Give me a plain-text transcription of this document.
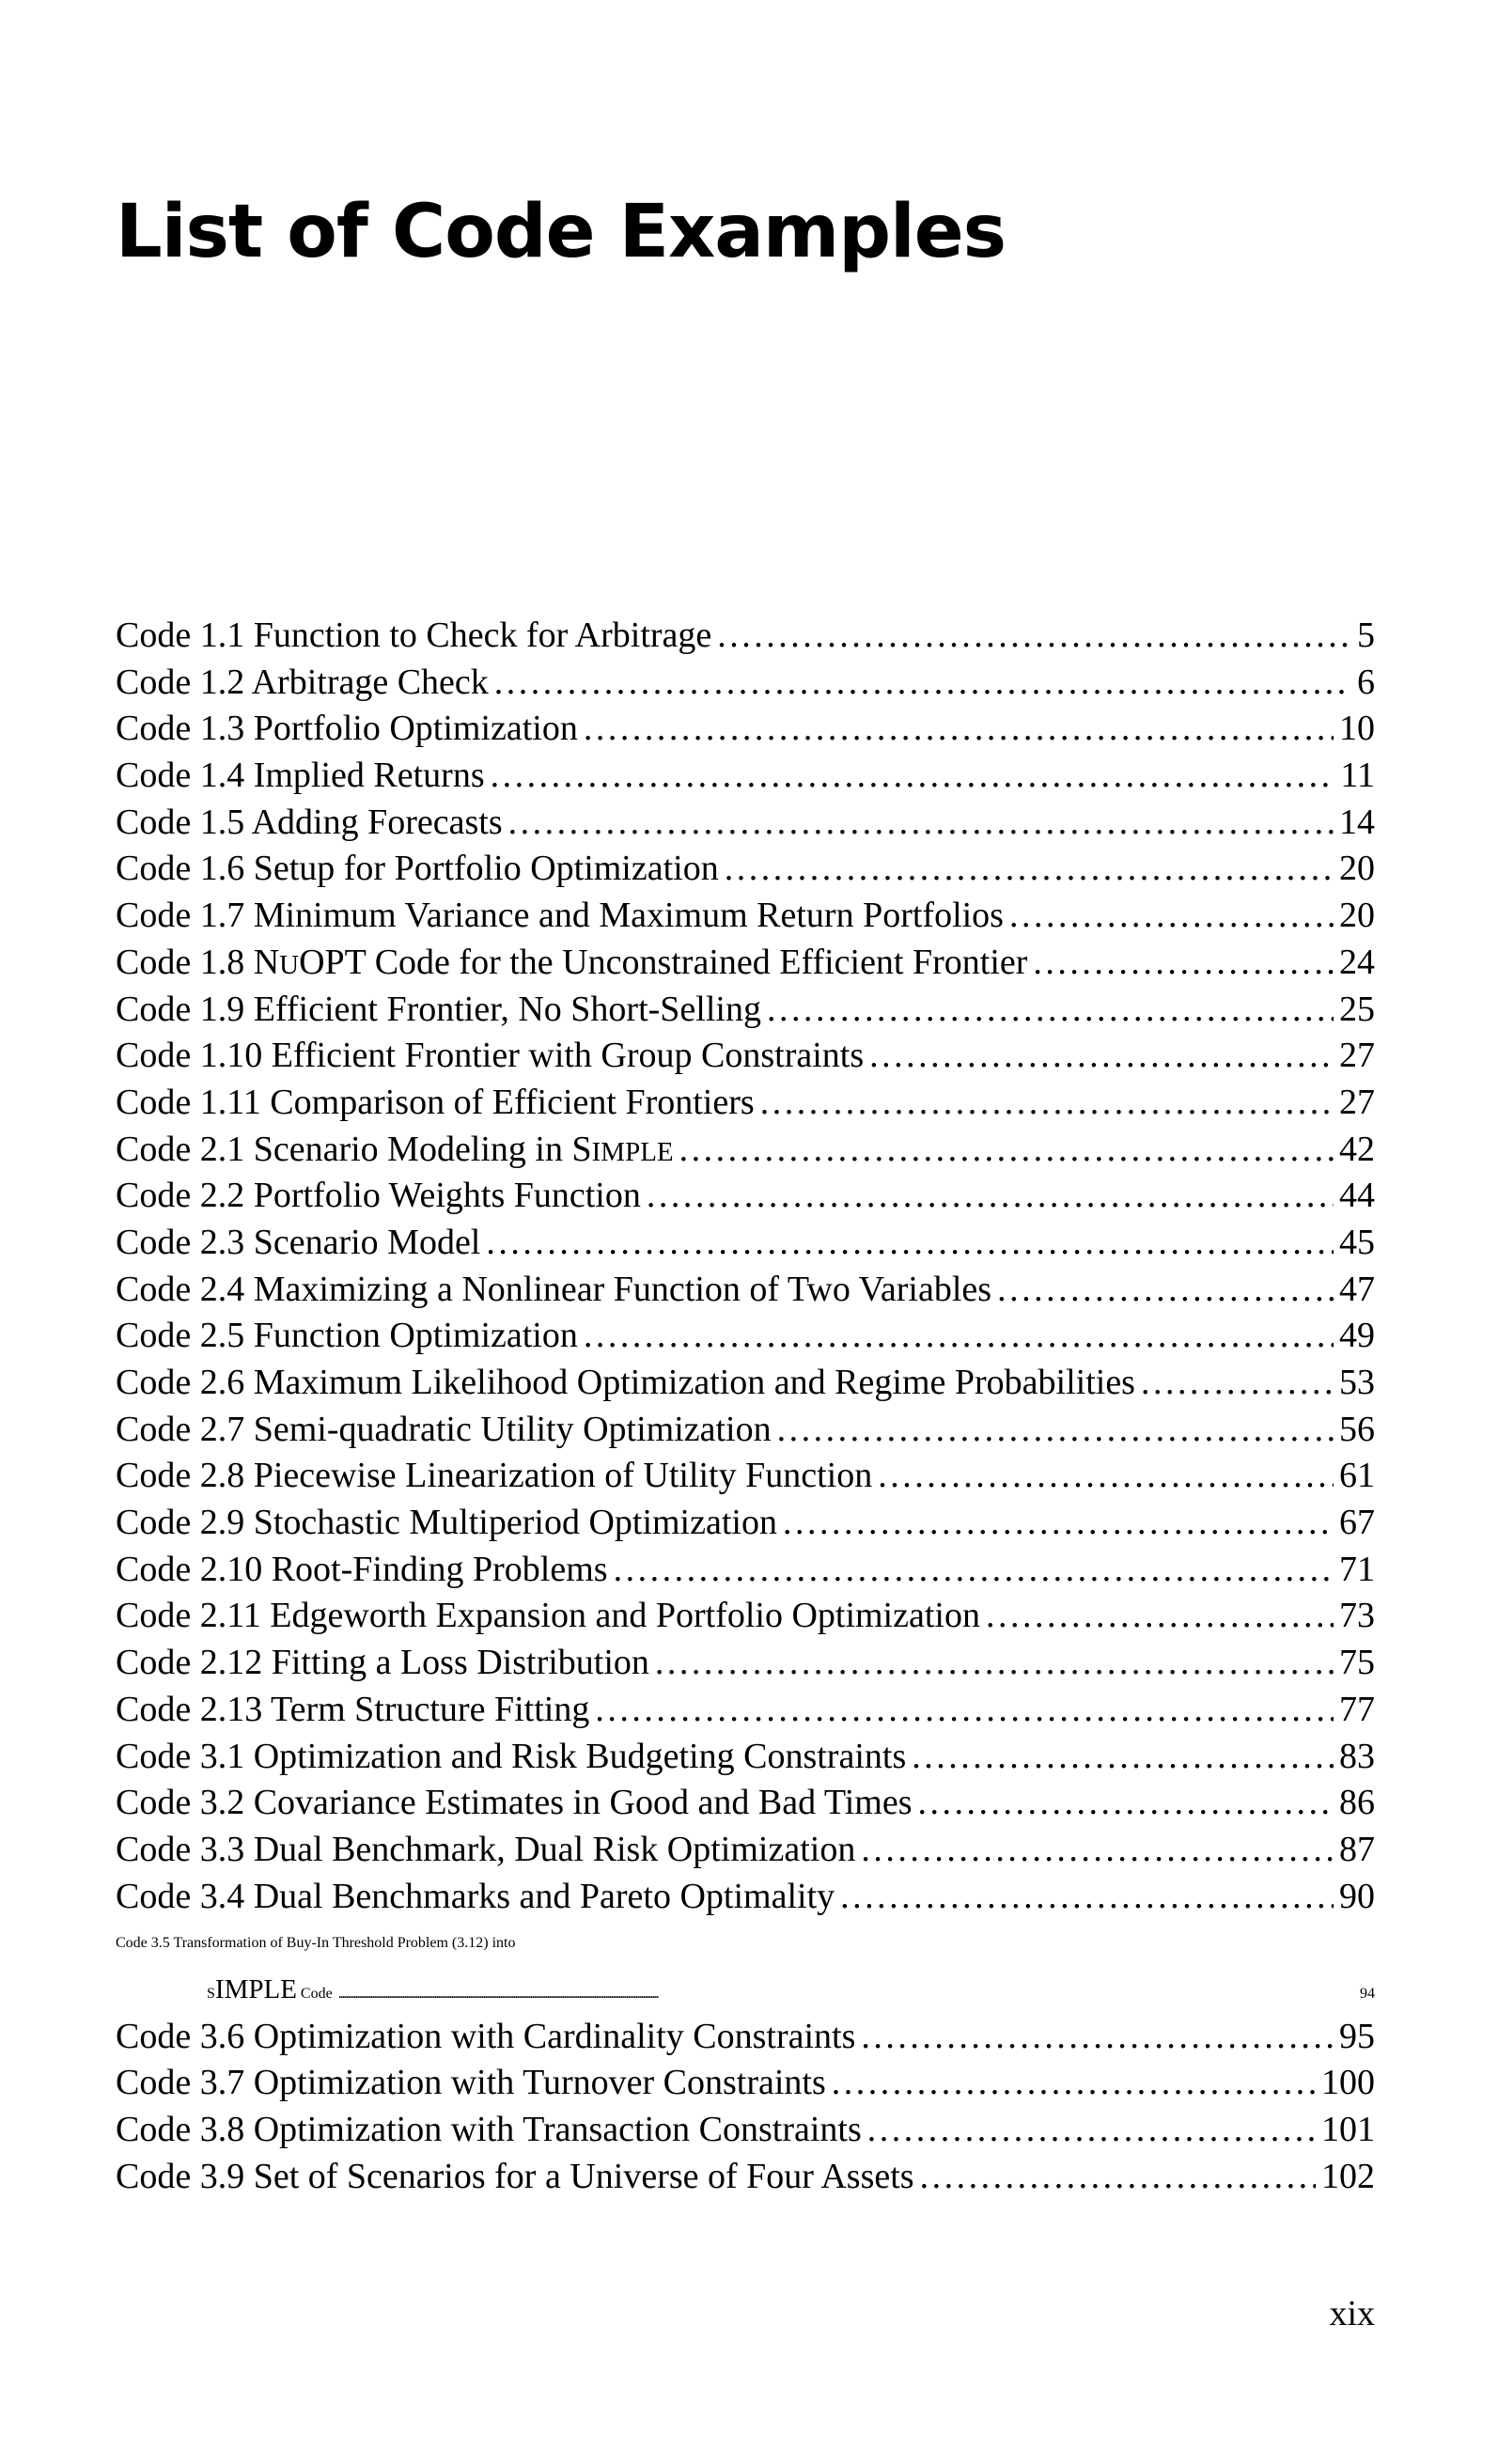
List of Code Examples
Code 1.1 Function to Check for Arbitrage . . .	5
Code 1.2 Arbitrage Check . . .	6
Code 1.3 Portfolio Optimization . . .	10
Code 1.4 Implied Returns . . .	11
Code 1.5 Adding Forecasts . . .	14
Code 1.6 Setup for Portfolio Optimization . . .	20
Code 1.7 Minimum Variance and Maximum Return Portfolios . . .	20
Code 1.8 NUOPT Code for the Unconstrained Efficient Frontier . . .	24
Code 1.9 Efficient Frontier, No Short-Selling . . .	25
Code 1.10 Efficient Frontier with Group Constraints . . .	27
Code 1.11 Comparison of Efficient Frontiers . . .	27
Code 2.1 Scenario Modeling in SIMPLE . . .	42
Code 2.2 Portfolio Weights Function . . .	44
Code 2.3 Scenario Model . . .	45
Code 2.4 Maximizing a Nonlinear Function of Two Variables . . .	47
Code 2.5 Function Optimization . . .	49
Code 2.6 Maximum Likelihood Optimization and Regime Probabilities . . .	53
Code 2.7 Semi-quadratic Utility Optimization . . .	56
Code 2.8 Piecewise Linearization of Utility Function . . .	61
Code 2.9 Stochastic Multiperiod Optimization . . .	67
Code 2.10 Root-Finding Problems . . .	71
Code 2.11 Edgeworth Expansion and Portfolio Optimization . . .	73
Code 2.12 Fitting a Loss Distribution . . .	75
Code 2.13 Term Structure Fitting . . .	77
Code 3.1 Optimization and Risk Budgeting Constraints . . .	83
Code 3.2 Covariance Estimates in Good and Bad Times . . .	86
Code 3.3 Dual Benchmark, Dual Risk Optimization . . .	87
Code 3.4 Dual Benchmarks and Pareto Optimality . . .	90
Code 3.5 Transformation of Buy-In Threshold Problem (3.12) into
SIMPLE Code . . .	94
Code 3.6 Optimization with Cardinality Constraints . . .	95
Code 3.7 Optimization with Turnover Constraints . . .	100
Code 3.8 Optimization with Transaction Constraints . . .	101
Code 3.9 Set of Scenarios for a Universe of Four Assets . . .	102
xix
